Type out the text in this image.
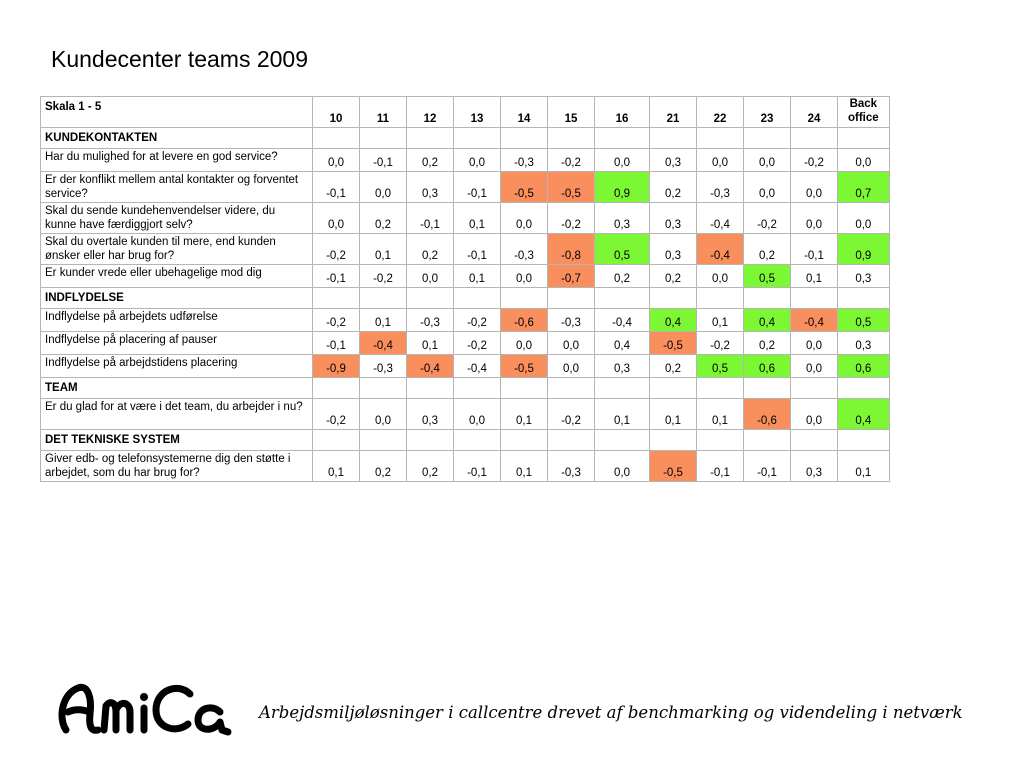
Kundecenter teams 2009
Skala 1 - 5	10	11	12	13	14	15	16	21	22	23	24	Back office
KUNDEKONTAKTEN												
Har du mulighed for at levere en god service?	0,0	-0,1	0,2	0,0	-0,3	-0,2	0,0	0,3	0,0	0,0	-0,2	0,0
Er der konflikt mellem antal kontakter og forventet service?	-0,1	0,0	0,3	-0,1	-0,5	-0,5	0,9	0,2	-0,3	0,0	0,0	0,7
Skal du sende kundehenvendelser videre, du kunne have færdiggjort selv?	0,0	0,2	-0,1	0,1	0,0	-0,2	0,3	0,3	-0,4	-0,2	0,0	0,0
Skal du overtale kunden til mere, end kunden ønsker eller har brug for?	-0,2	0,1	0,2	-0,1	-0,3	-0,8	0,5	0,3	-0,4	0,2	-0,1	0,9
Er kunder vrede eller ubehagelige mod dig	-0,1	-0,2	0,0	0,1	0,0	-0,7	0,2	0,2	0,0	0,5	0,1	0,3
INDFLYDELSE												
Indflydelse på arbejdets udførelse	-0,2	0,1	-0,3	-0,2	-0,6	-0,3	-0,4	0,4	0,1	0,4	-0,4	0,5
Indflydelse på placering af pauser	-0,1	-0,4	0,1	-0,2	0,0	0,0	0,4	-0,5	-0,2	0,2	0,0	0,3
Indflydelse på arbejdstidens placering	-0,9	-0,3	-0,4	-0,4	-0,5	0,0	0,3	0,2	0,5	0,6	0,0	0,6
TEAM												
Er du glad for at være i det team, du arbejder i nu?	-0,2	0,0	0,3	0,0	0,1	-0,2	0,1	0,1	0,1	-0,6	0,0	0,4
DET TEKNISKE SYSTEM												
Giver edb- og telefonsystemerne dig den støtte i arbejdet, som du har brug for?	0,1	0,2	0,2	-0,1	0,1	-0,3	0,0	-0,5	-0,1	-0,1	0,3	0,1
Arbejdsmiljøløsninger i callcentre drevet af benchmarking og videndeling i netværk
